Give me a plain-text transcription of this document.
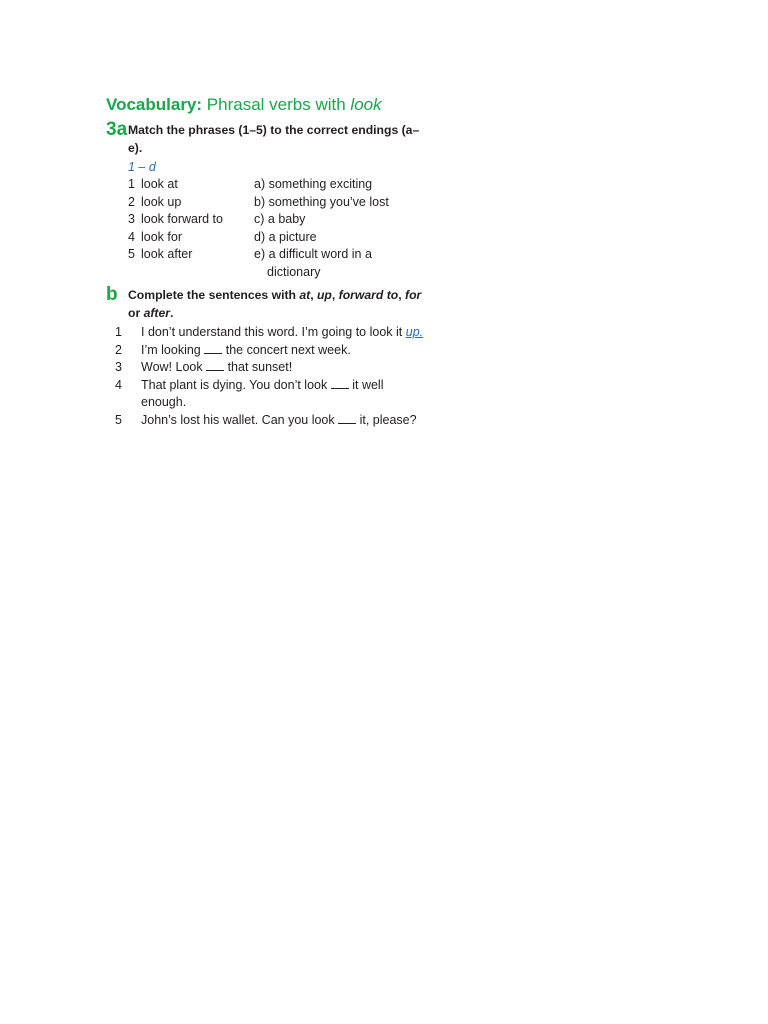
Vocabulary: Phrasal verbs with look
3a Match the phrases (1–5) to the correct endings (a–e).

1 – d

1 look at	a) something exciting
2 look up	b) something you’ve lost
3 look forward to	c) a baby
4 look for	d) a picture
5 look after	e) a difficult word in a dictionary
b Complete the sentences with at, up, forward to, for or after.

1 I don’t understand this word. I’m going to look it up.
2 I’m looking the concert next week.
3 Wow! Look that sunset!
4 That plant is dying. You don’t look it well enough.
5 John’s lost his wallet. Can you look it, please?
